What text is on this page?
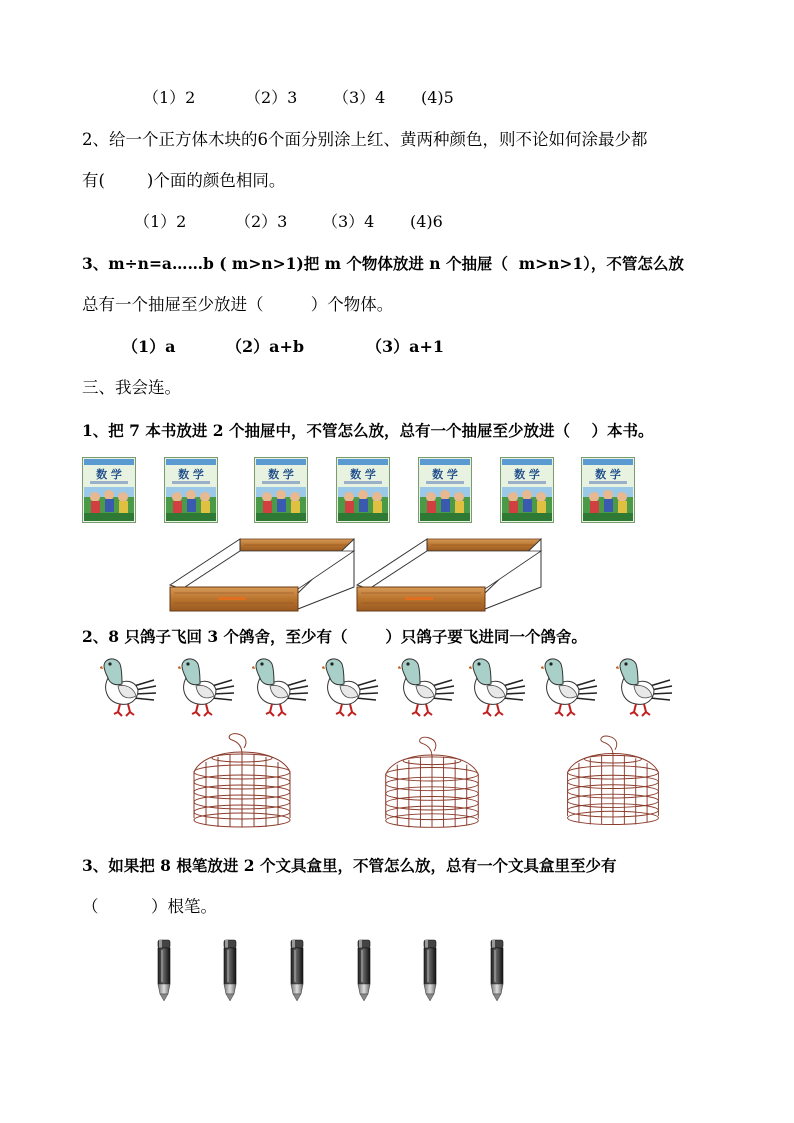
（1）2	（2）3 （3）4 (4)5
2、给一个正方体木块的6个面分别涂上红、黄两种颜色，则不论如何涂最少都
有(        )个面的颜色相同。
（1）2	（2）3 （3）4 (4)6
3、m÷n=a……b ( m>n>1)把 m 个物体放进 n 个抽屉（  m>n>1），不管怎么放
总有一个抽屉至少放进（         ）个物体。
（1）a	（2）a+b	（3）a+1
三、我会连。
1、把 7 本书放进 2 个抽屉中，不管怎么放，总有一个抽屉至少放进（    ）本书。
2、8 只鸽子飞回 3 个鸽舍，至少有（       ）只鸽子要飞进同一个鸽舍。
3、如果把 8 根笔放进 2 个文具盒里，不管怎么放，总有一个文具盒里至少有
（          ）根笔。
